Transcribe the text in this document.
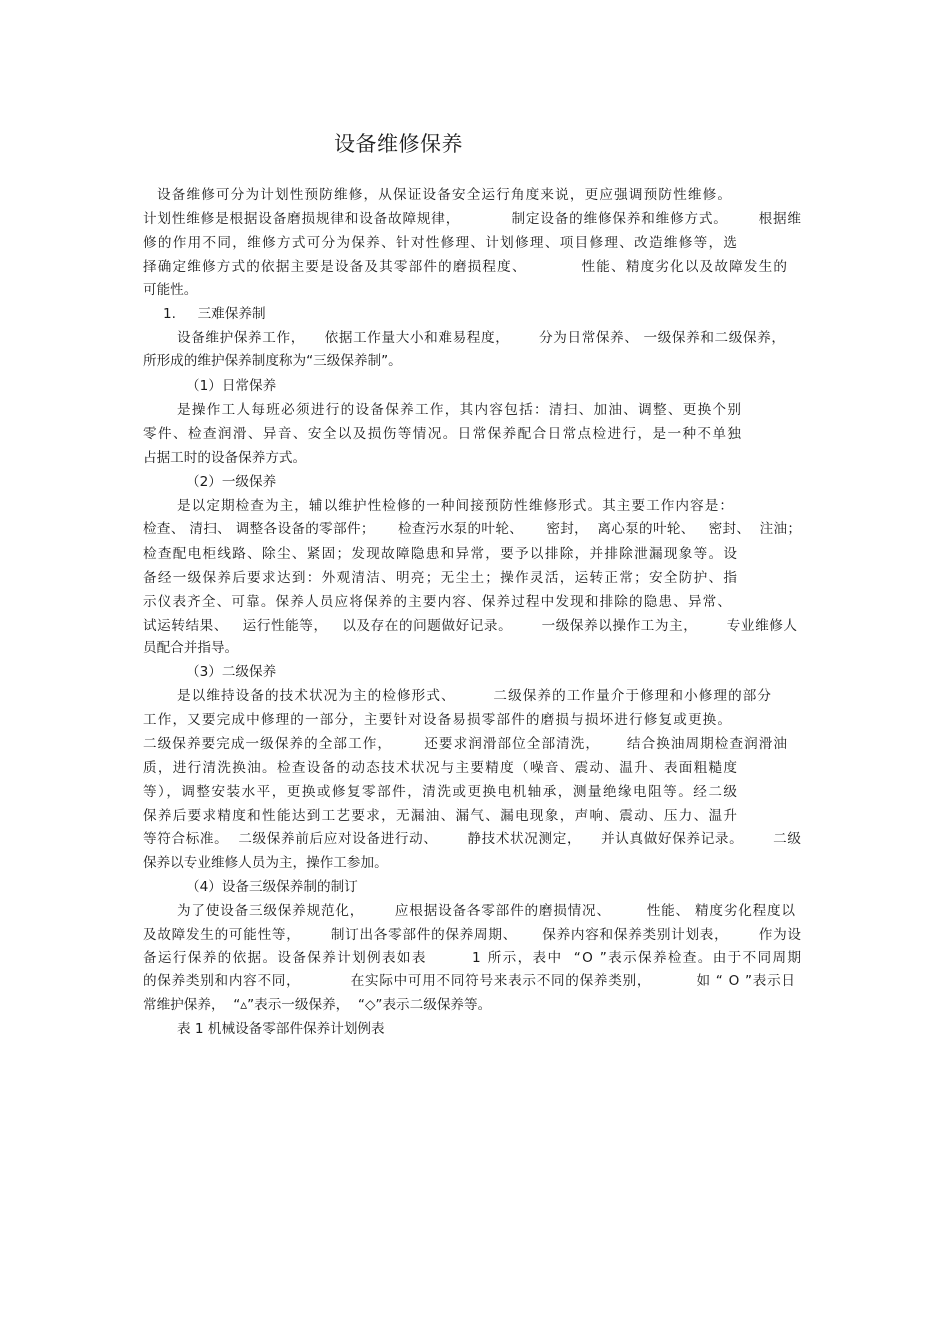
设备维修保养
设备维修可分为计划性预防维修，从保证设备安全运行角度来说，更应强调预防性维修。
计划性维修是根据设备磨损规律和设备故障规律，          制定设备的维修保养和维修方式。      根据维
修的作用不同，维修方式可分为保养、针对性修理、计划修理、项目修理、改造维修等，选
择确定维修方式的依据主要是设备及其零部件的磨损程度、          性能、精度劣化以及故障发生的
可能性。
1.     三难保养制
设备维护保养工作，    依据工作量大小和难易程度，      分为日常保养、 一级保养和二级保养，
所形成的维护保养制度称为“三级保养制”。
（1）日常保养
是操作工人每班必须进行的设备保养工作，其内容包括：清扫、加油、调整、更换个别
零件、检查润滑、异音、安全以及损伤等情况。日常保养配合日常点检进行，是一种不单独
占据工时的设备保养方式。
（2）一级保养
是以定期检查为主，辅以维护性检修的一种间接预防性维修形式。其主要工作内容是：
检查、 清扫、 调整各设备的零部件；     检查污水泵的叶轮、     密封，  离心泵的叶轮、   密封、  注油；
检查配电柜线路、除尘、紧固；发现故障隐患和异常，要予以排除，并排除泄漏现象等。设
备经一级保养后要求达到：外观清洁、明亮；无尘土；操作灵活，运转正常；安全防护、指
示仪表齐全、可靠。保养人员应将保养的主要内容、保养过程中发现和排除的隐患、异常、
试运转结果、   运行性能等，   以及存在的问题做好记录。      一级保养以操作工为主，      专业维修人
员配合并指导。
（3）二级保养
是以维持设备的技术状况为主的检修形式、       二级保养的工作量介于修理和小修理的部分
工作，又要完成中修理的一部分，主要针对设备易损零部件的磨损与损坏进行修复或更换。
二级保养要完成一级保养的全部工作，      还要求润滑部位全部清洗，     结合换油周期检查润滑油
质，进行清洗换油。检查设备的动态技术状况与主要精度（噪音、震动、温升、表面粗糙度
等），调整安装水平，更换或修复零部件，清洗或更换电机轴承，测量绝缘电阻等。经二级
保养后要求精度和性能达到工艺要求，无漏油、漏气、漏电现象，声响、震动、压力、温升
等符合标准。  二级保养前后应对设备进行动、      静技术状况测定，    并认真做好保养记录。      二级
保养以专业维修人员为主，操作工参加。
（4）设备三级保养制的制订
为了使设备三级保养规范化，      应根据设备各零部件的磨损情况、       性能、 精度劣化程度以
及故障发生的可能性等，      制订出各零部件的保养周期、     保养内容和保养类别计划表，      作为设
备运行保养的依据。设备保养计划例表如表        1 所示，表中  “O ”表示保养检查。由于不同周期
的保养类别和内容不同，          在实际中可用不同符号来表示不同的保养类别，         如 “ O ”表示日
常维护保养，  “▵”表示一级保养，  “◇”表示二级保养等。
表 1 机械设备零部件保养计划例表
